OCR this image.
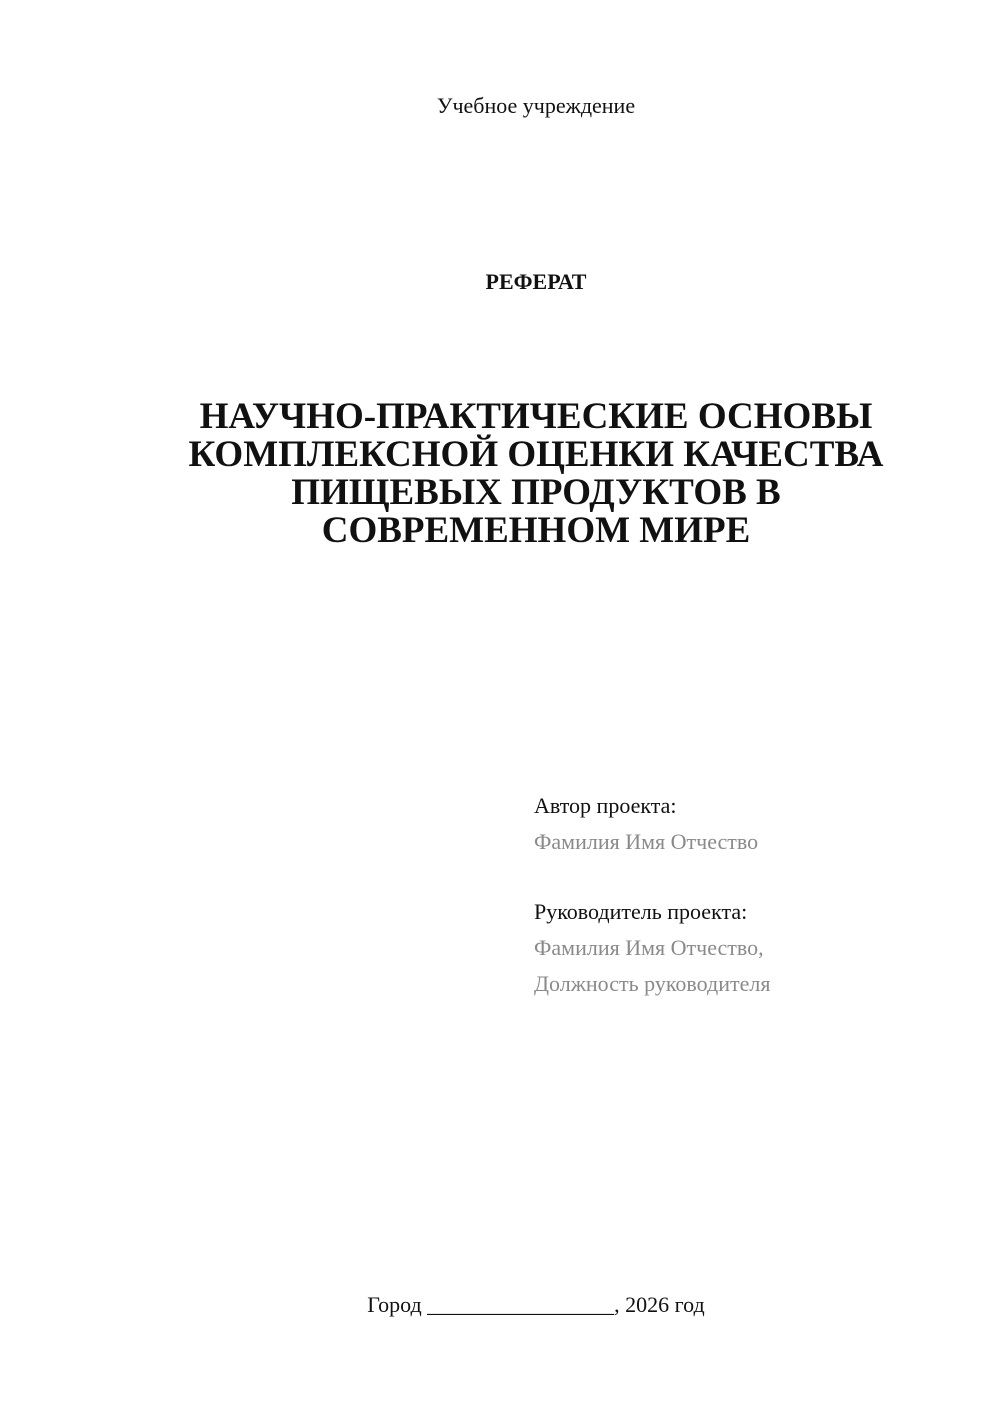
Учебное учреждение
РЕФЕРАТ
НАУЧНО-ПРАКТИЧЕСКИЕ ОСНОВЫ
КОМПЛЕКСНОЙ ОЦЕНКИ КАЧЕСТВА
ПИЩЕВЫХ ПРОДУКТОВ В
СОВРЕМЕННОМ МИРЕ
Автор проекта:
Фамилия Имя Отчество
Руководитель проекта:
Фамилия Имя Отчество,
Должность руководителя
Город _________________, 2026 год
